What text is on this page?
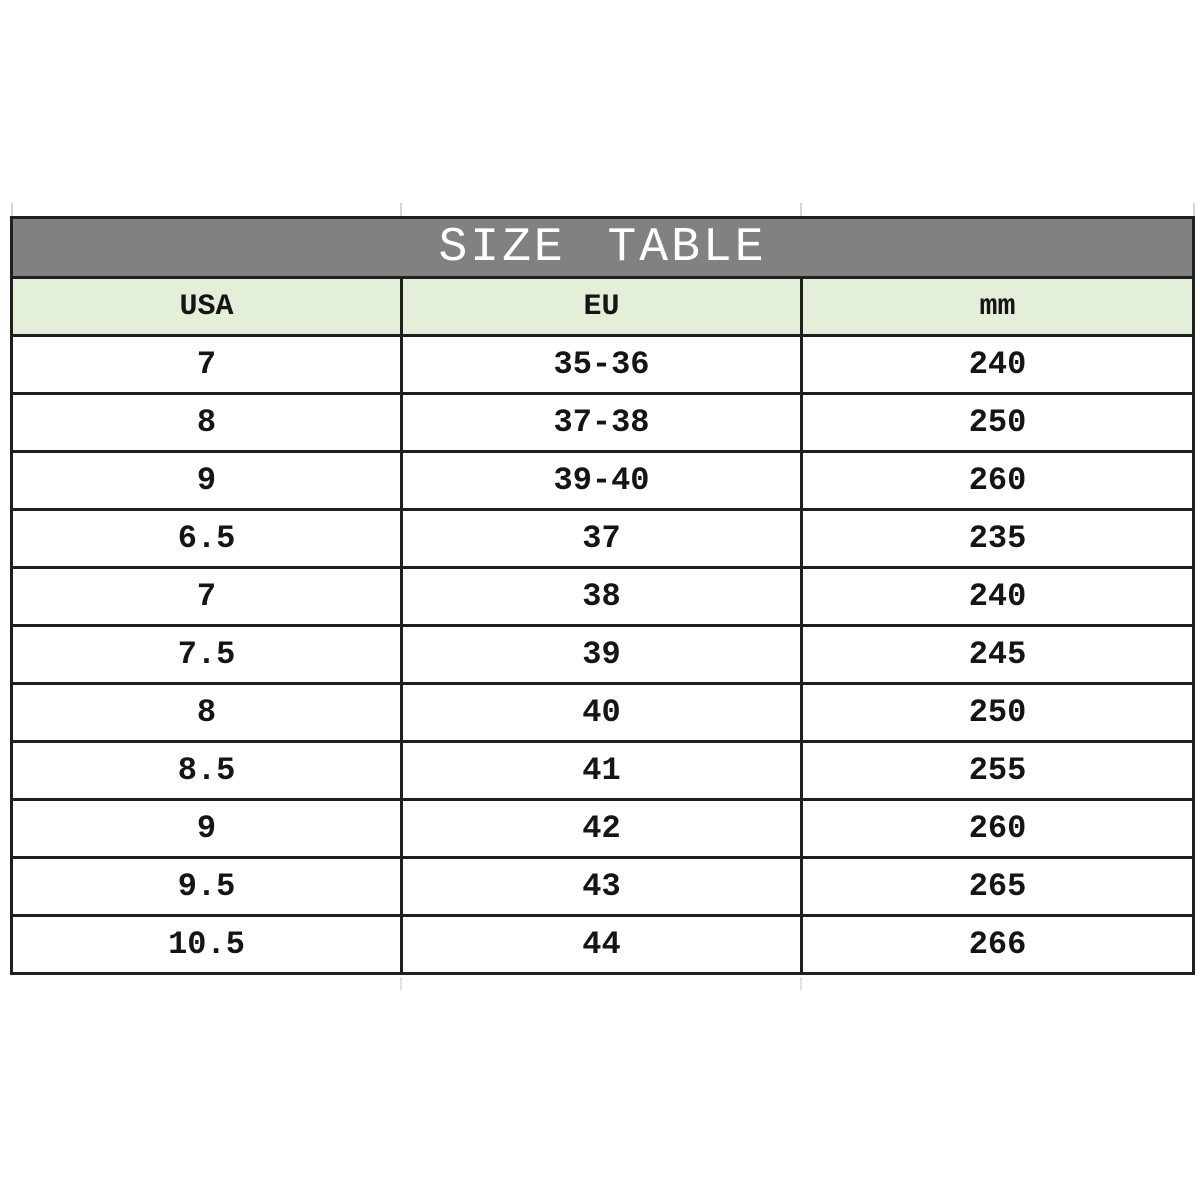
SIZE TABLE		
USA	EU	mm
7	35-36	240
8	37-38	250
9	39-40	260
6.5	37	235
7	38	240
7.5	39	245
8	40	250
8.5	41	255
9	42	260
9.5	43	265
10.5	44	266
